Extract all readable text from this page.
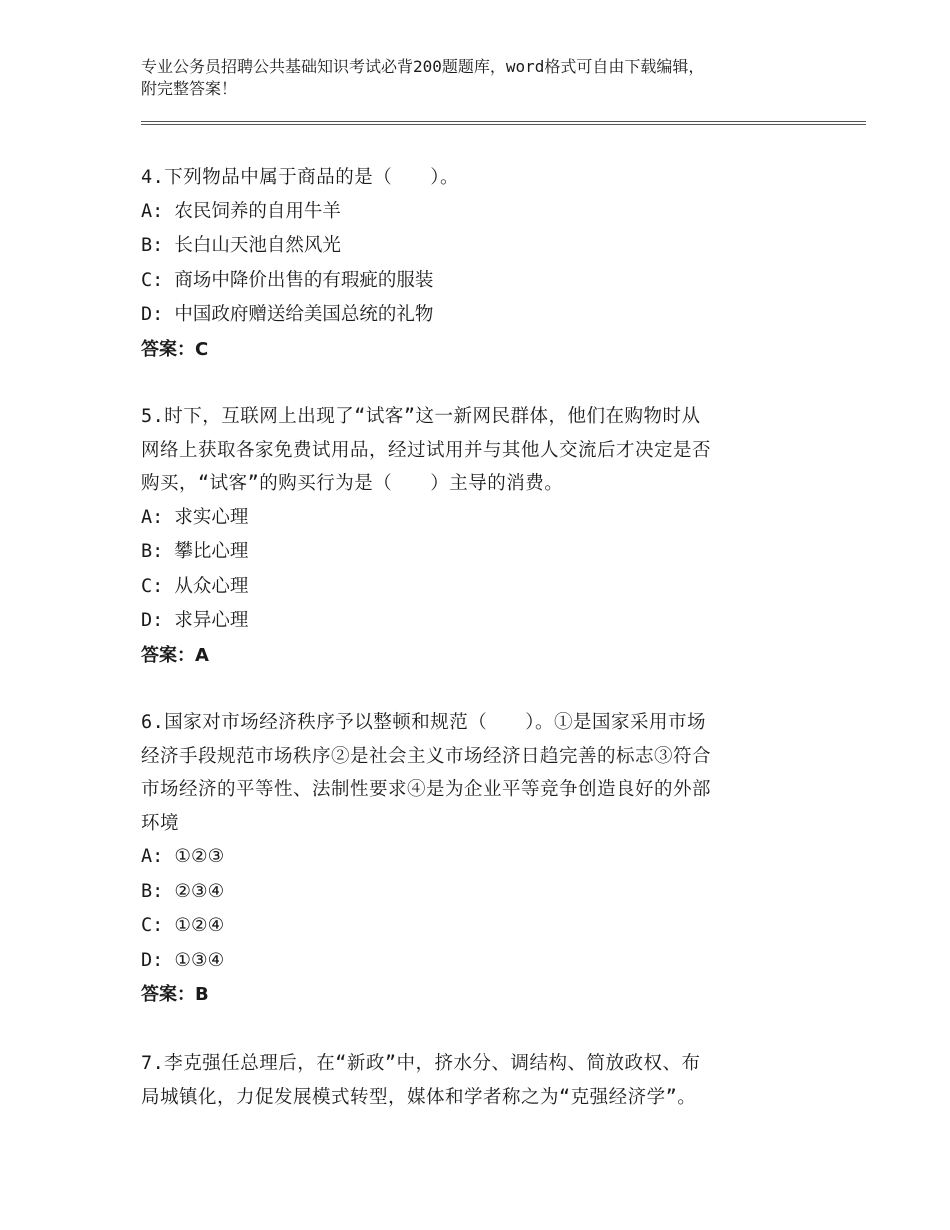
专业公务员招聘公共基础知识考试必背200题题库，word格式可自由下载编辑，
附完整答案！
4.下列物品中属于商品的是（　　）。
A: 农民饲养的自用牛羊
B: 长白山天池自然风光
C: 商场中降价出售的有瑕疵的服装
D: 中国政府赠送给美国总统的礼物
答案：C
5.时下，互联网上出现了“试客”这一新网民群体，他们在购物时从
网络上获取各家免费试用品，经过试用并与其他人交流后才决定是否
购买，“试客”的购买行为是（　　）主导的消费。
A: 求实心理
B: 攀比心理
C: 从众心理
D: 求异心理
答案：A
6.国家对市场经济秩序予以整顿和规范（　　）。①是国家采用市场
经济手段规范市场秩序②是社会主义市场经济日趋完善的标志③符合
市场经济的平等性、法制性要求④是为企业平等竞争创造良好的外部
环境
A: ①②③
B: ②③④
C: ①②④
D: ①③④
答案：B
7.李克强任总理后，在“新政”中，挤水分、调结构、简放政权、布
局城镇化，力促发展模式转型，媒体和学者称之为“克强经济学”。
